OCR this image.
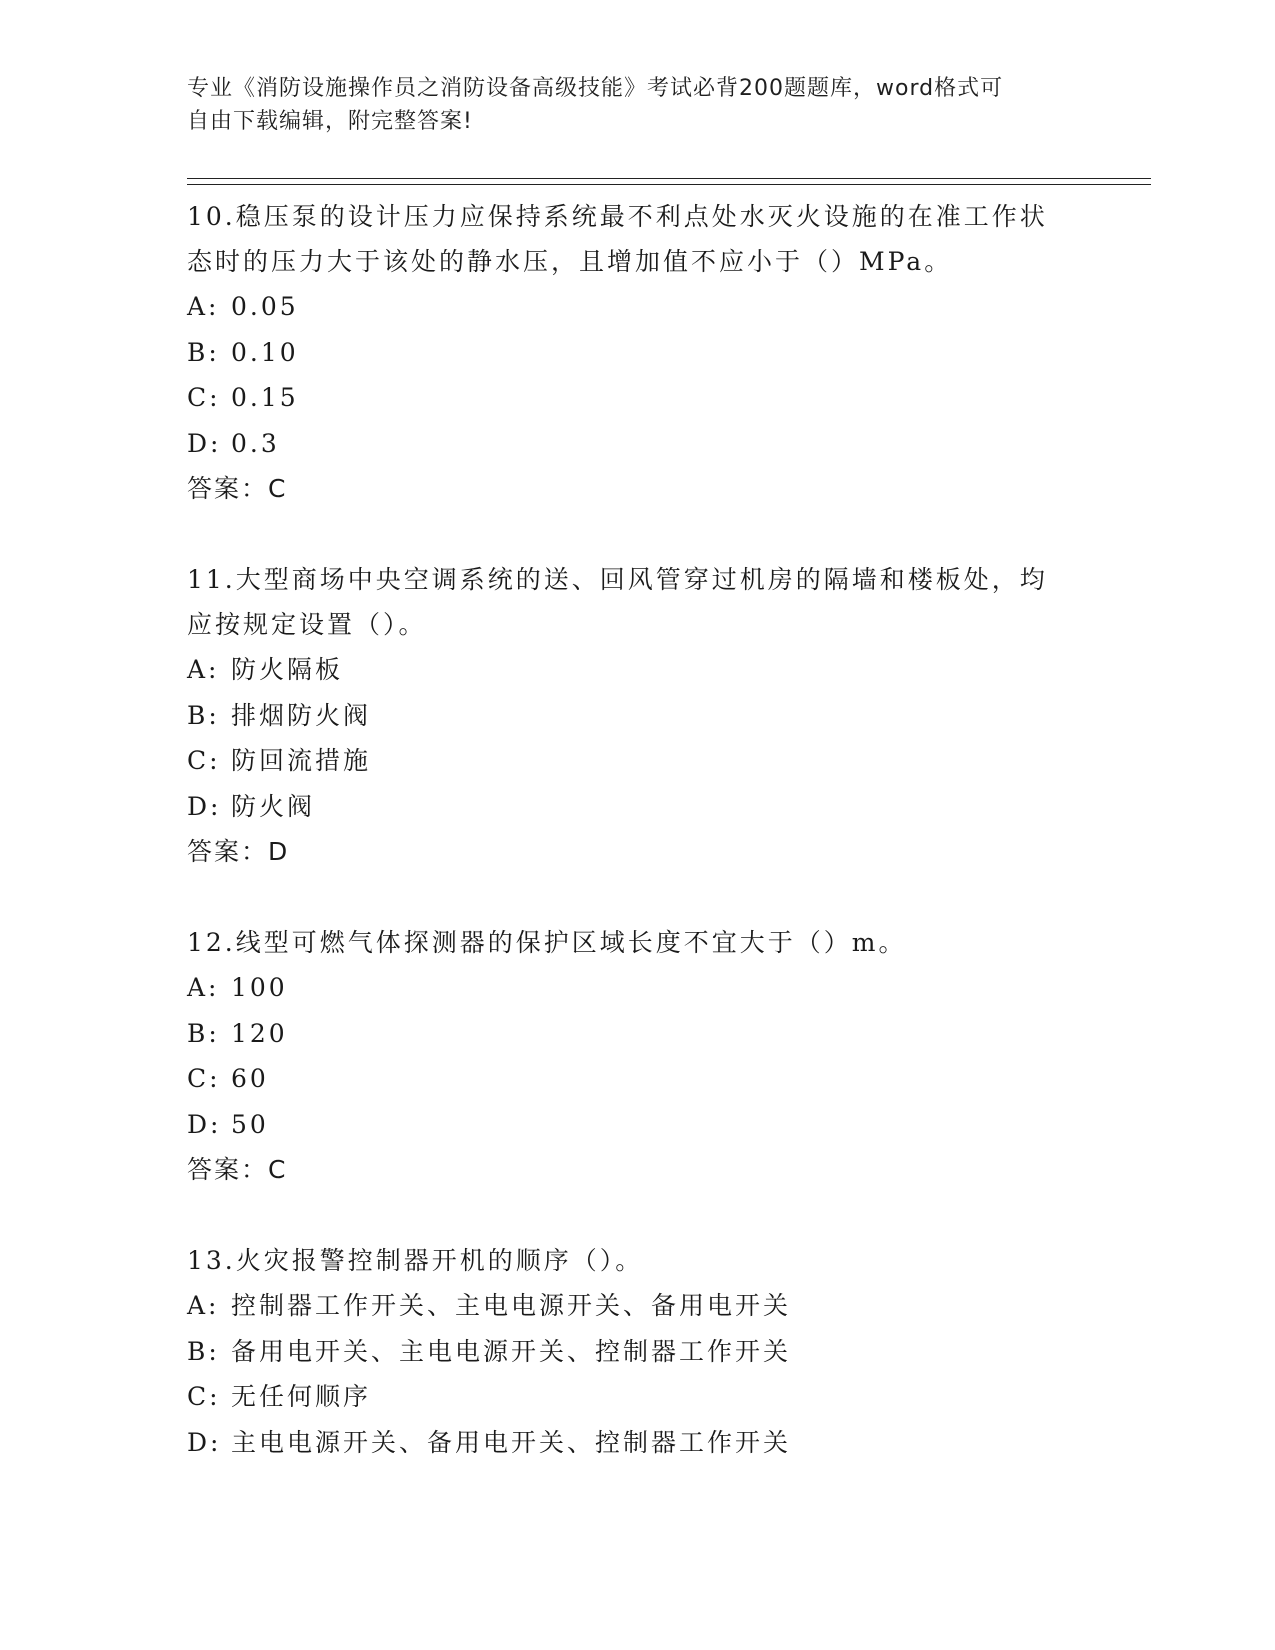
专业《消防设施操作员之消防设备高级技能》考试必背200题题库，word格式可
自由下载编辑，附完整答案!
10.稳压泵的设计压力应保持系统最不利点处水灭火设施的在准工作状
态时的压力大于该处的静水压，且增加值不应小于（）MPa。
A: 0.05
B: 0.10
C: 0.15
D: 0.3
答案：C
11.大型商场中央空调系统的送、回风管穿过机房的隔墙和楼板处，均
应按规定设置（）。
A: 防火隔板
B: 排烟防火阀
C: 防回流措施
D: 防火阀
答案：D
12.线型可燃气体探测器的保护区域长度不宜大于（）m。
A: 100
B: 120
C: 60
D: 50
答案：C
13.火灾报警控制器开机的顺序（）。
A: 控制器工作开关、主电电源开关、备用电开关
B: 备用电开关、主电电源开关、控制器工作开关
C: 无任何顺序
D: 主电电源开关、备用电开关、控制器工作开关
